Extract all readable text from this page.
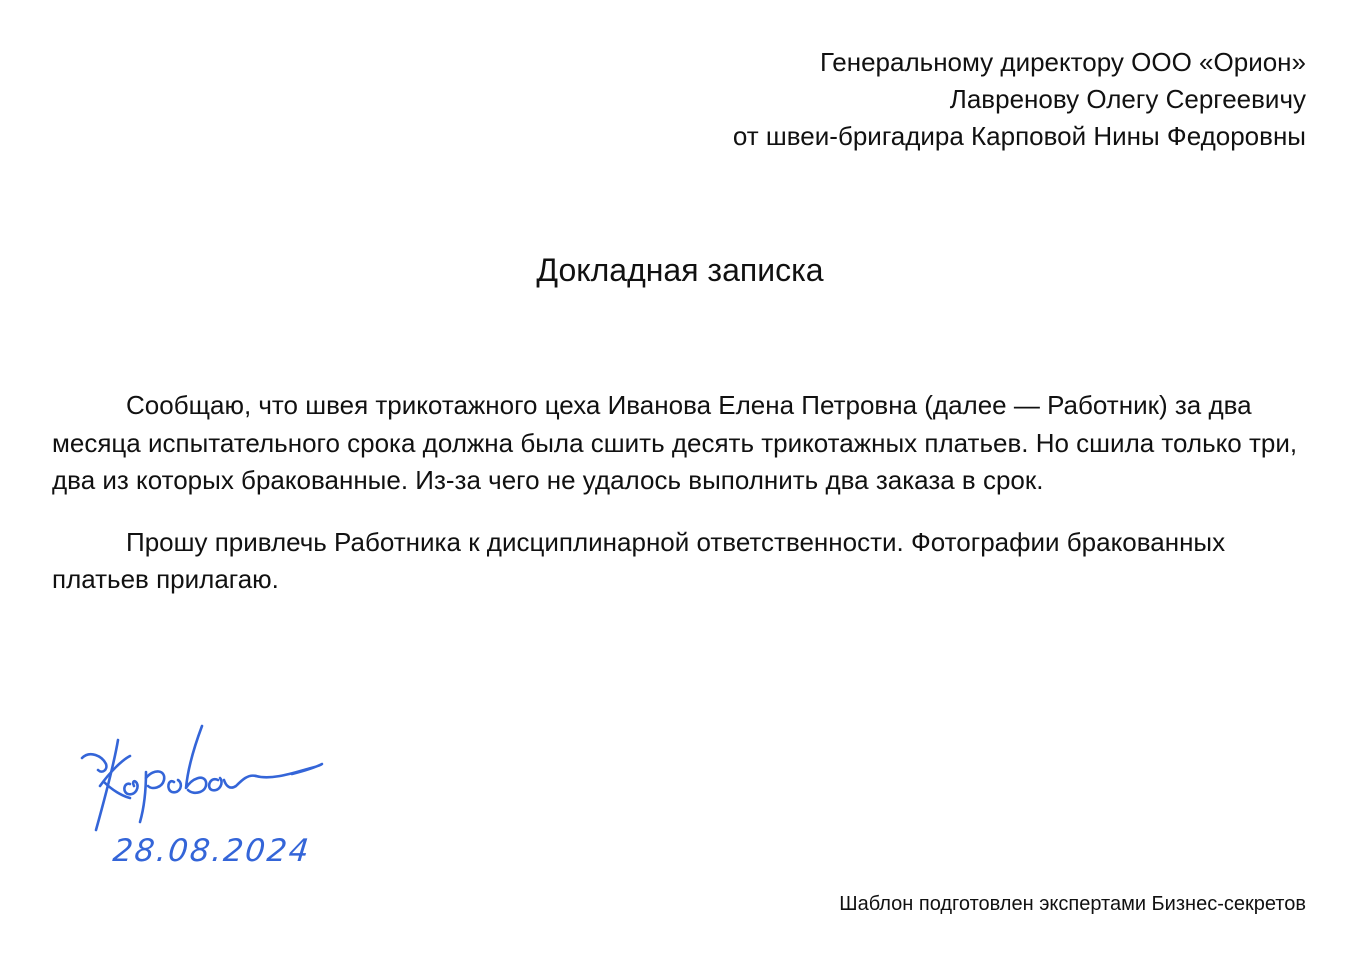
Генеральному директору ООО «Орион»
Лавренову Олегу Сергеевичу
от швеи-бригадира Карповой Нины Федоровны
Докладная записка

Сообщаю, что швея трикотажного цеха Иванова Елена Петровна (далее — Работник) за два месяца испытательного срока должна была сшить десять трикотажных платьев. Но сшила только три, два из которых бракованные. Из-за чего не удалось выполнить два заказа в срок.

Прошу привлечь Работника к дисциплинарной ответственности. Фотографии бракованных платьев прилагаю.

28.08.2024
Шаблон подготовлен экспертами Бизнес-секретов
